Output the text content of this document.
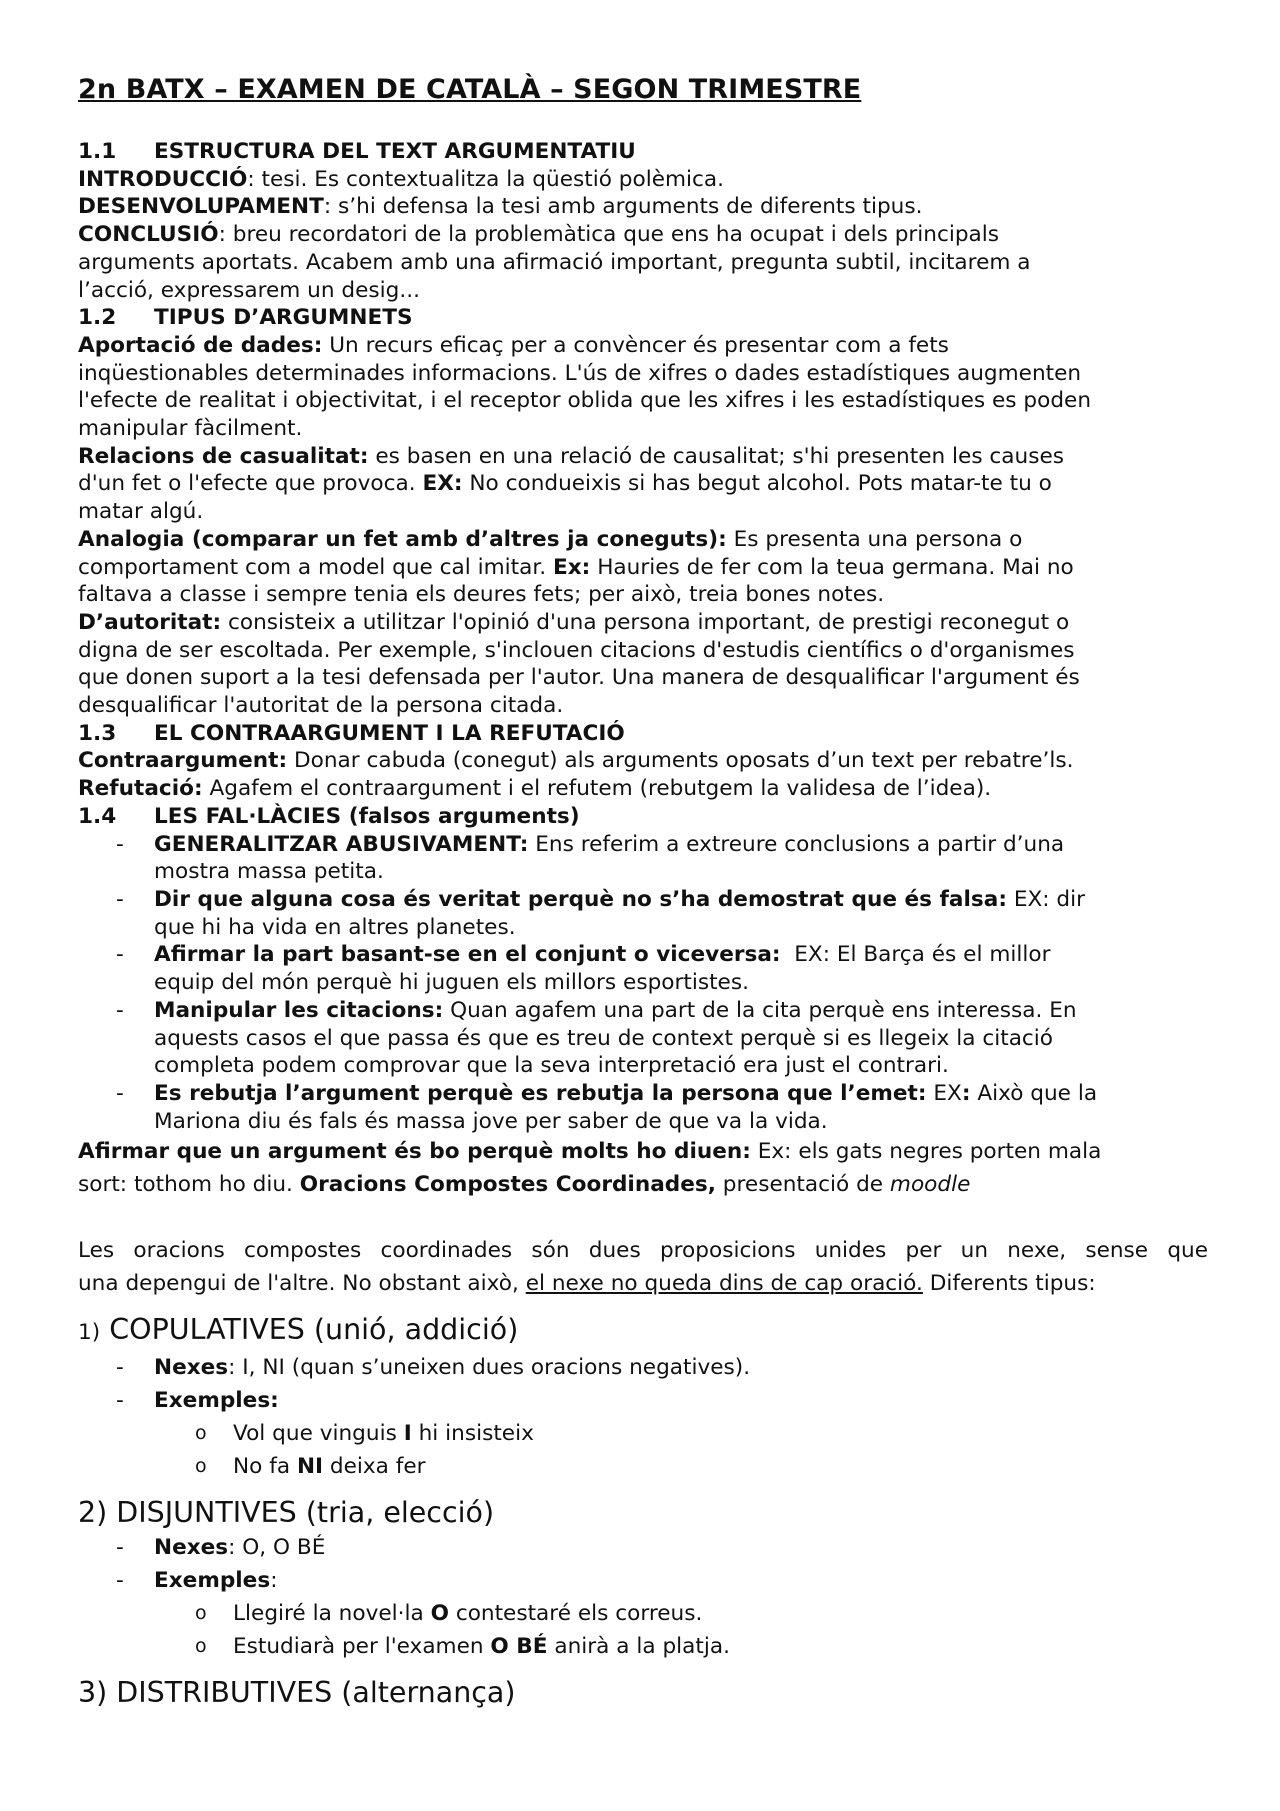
2n BATX – EXAMEN DE CATALÀ – SEGON TRIMESTRE
1.1 ESTRUCTURA DEL TEXT ARGUMENTATIU
INTRODUCCIÓ: tesi. Es contextualitza la qüestió polèmica.
DESENVOLUPAMENT: s’hi defensa la tesi amb arguments de diferents tipus.
CONCLUSIÓ: breu recordatori de la problemàtica que ens ha ocupat i dels principals
arguments aportats. Acabem amb una afirmació important, pregunta subtil, incitarem a
l’acció, expressarem un desig...
1.2 TIPUS D’ARGUMNETS
Aportació de dades: Un recurs eficaç per a convèncer és presentar com a fets
inqüestionables determinades informacions. L'ús de xifres o dades estadístiques augmenten
l'efecte de realitat i objectivitat, i el receptor oblida que les xifres i les estadístiques es poden
manipular fàcilment.
Relacions de casualitat: es basen en una relació de causalitat; s'hi presenten les causes
d'un fet o l'efecte que provoca. EX: No condueixis si has begut alcohol. Pots matar-te tu o
matar algú.
Analogia (comparar un fet amb d’altres ja coneguts): Es presenta una persona o
comportament com a model que cal imitar. Ex: Hauries de fer com la teua germana. Mai no
faltava a classe i sempre tenia els deures fets; per això, treia bones notes.
D’autoritat: consisteix a utilitzar l'opinió d'una persona important, de prestigi reconegut o
digna de ser escoltada. Per exemple, s'inclouen citacions d'estudis científics o d'organismes
que donen suport a la tesi defensada per l'autor. Una manera de desqualificar l'argument és
desqualificar l'autoritat de la persona citada.
1.3 EL CONTRAARGUMENT I LA REFUTACIÓ
Contraargument: Donar cabuda (conegut) als arguments oposats d’un text per rebatre’ls.
Refutació: Agafem el contraargument i el refutem (rebutgem la validesa de l’idea).
1.4 LES FAL·LÀCIES (falsos arguments)
- GENERALITZAR ABUSIVAMENT: Ens referim a extreure conclusions a partir d’una
mostra massa petita.
- Dir que alguna cosa és veritat perquè no s’ha demostrat que és falsa: EX: dir
que hi ha vida en altres planetes.
- Afirmar la part basant-se en el conjunt o viceversa:  EX: El Barça és el millor
equip del món perquè hi juguen els millors esportistes.
- Manipular les citacions: Quan agafem una part de la cita perquè ens interessa. En
aquests casos el que passa és que es treu de context perquè si es llegeix la citació
completa podem comprovar que la seva interpretació era just el contrari.
- Es rebutja l’argument perquè es rebutja la persona que l’emet: EX: Això que la
Mariona diu és fals és massa jove per saber de que va la vida.
Afirmar que un argument és bo perquè molts ho diuen: Ex: els gats negres porten mala
sort: tothom ho diu. Oracions Compostes Coordinades, presentació de moodle
Les oracions compostes coordinades són dues proposicions unides per un nexe, sense que
una depengui de l'altre. No obstant això, el nexe no queda dins de cap oració. Diferents tipus:
1) COPULATIVES (unió, addició)
- Nexes: I, NI (quan s’uneixen dues oracions negatives).
- Exemples:
o Vol que vinguis I hi insisteix
o No fa NI deixa fer
2) DISJUNTIVES (tria, elecció)
- Nexes: O, O BÉ
- Exemples:
o Llegiré la novel·la O contestaré els correus.
o Estudiarà per l'examen O BÉ anirà a la platja.
3) DISTRIBUTIVES (alternança)
